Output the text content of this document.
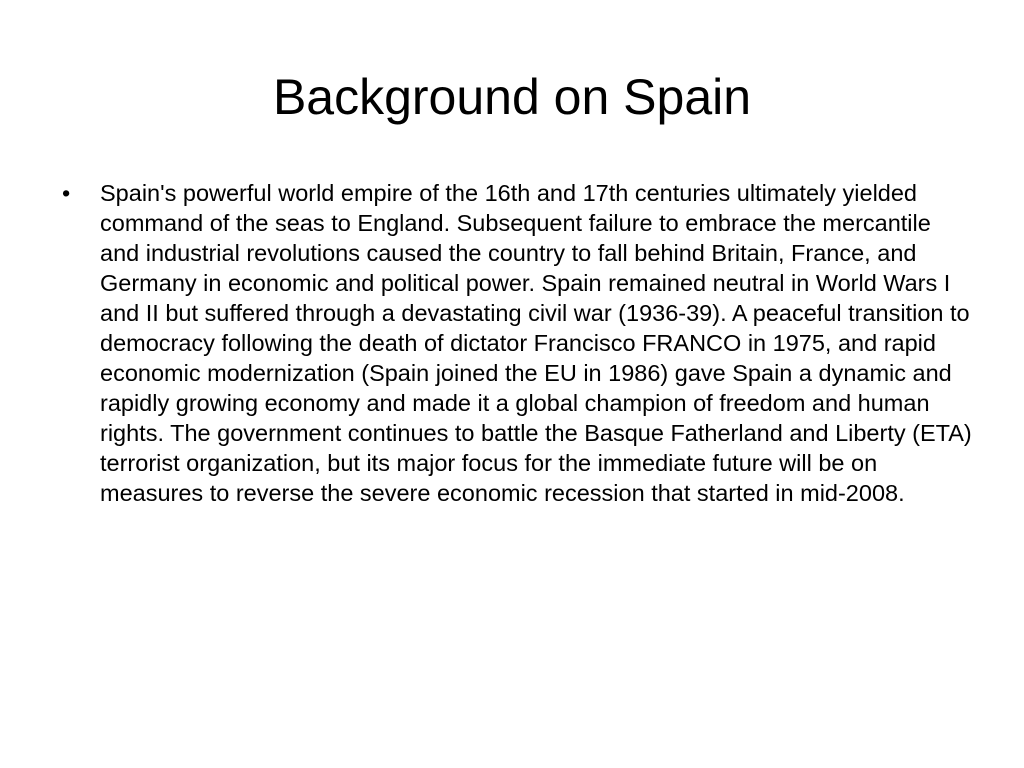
Background on Spain
•	Spain's powerful world empire of the 16th and 17th centuries ultimately yielded command of the seas to England. Subsequent failure to embrace the mercantile and industrial revolutions caused the country to fall behind Britain, France, and Germany in economic and political power. Spain remained neutral in World Wars I and II but suffered through a devastating civil war (1936-39). A peaceful transition to democracy following the death of dictator Francisco FRANCO in 1975, and rapid economic modernization (Spain joined the EU in 1986) gave Spain a dynamic and rapidly growing economy and made it a global champion of freedom and human rights. The government continues to battle the Basque Fatherland and Liberty (ETA) terrorist organization, but its major focus for the immediate future will be on measures to reverse the severe economic recession that started in mid-2008.
